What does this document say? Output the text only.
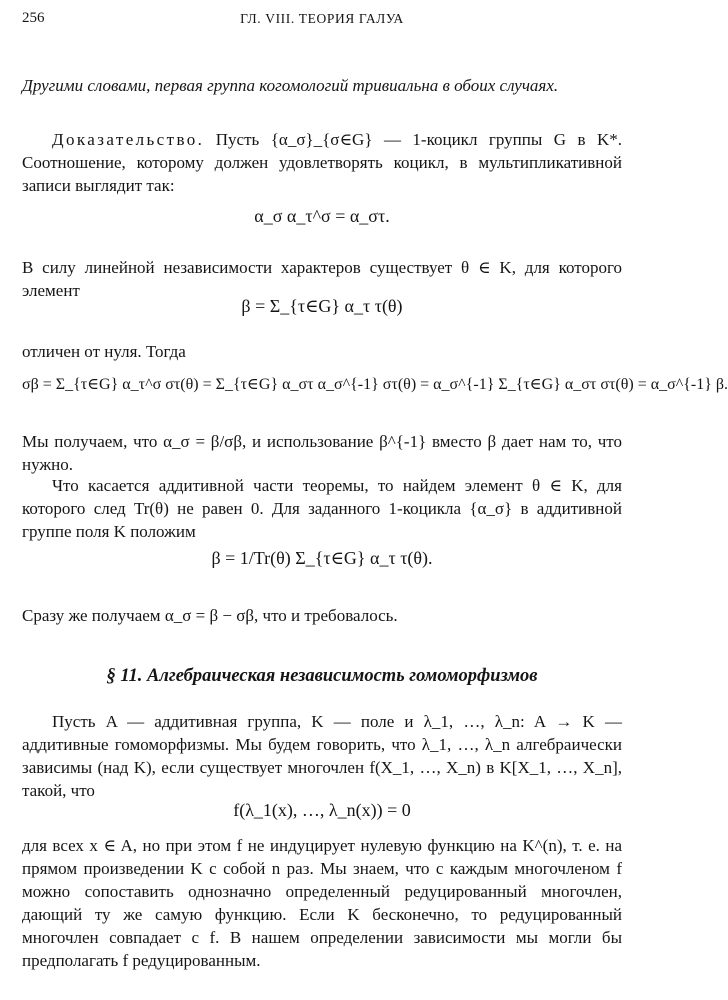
256	ГЛ. VIII. ТЕОРИЯ ГАЛУА

Другими словами, первая группа когомологий тривиальна в обоих случаях.

Доказательство. Пусть {α_σ}_{σ∈G} — 1-коцикл группы G в K*. Соотношение, которому должен удовлетворять коцикл, в мультипликативной записи выглядит так:

α_σ α_τ^σ = α_στ.

В силу линейной независимости характеров существует θ ∈ K, для которого элемент

β = Σ_{τ∈G} α_τ τ(θ)

отличен от нуля. Тогда

σβ = Σ_{τ∈G} α_τ^σ στ(θ) = Σ_{τ∈G} α_στ α_σ^{-1} στ(θ) = α_σ^{-1} Σ_{τ∈G} α_στ στ(θ) = α_σ^{-1} β.

Мы получаем, что α_σ = β/σβ, и использование β^{-1} вместо β дает нам то, что нужно.

Что касается аддитивной части теоремы, то найдем элемент θ ∈ K, для которого след Tr(θ) не равен 0. Для заданного 1-коцикла {α_σ} в аддитивной группе поля K положим

β = 1/Tr(θ) Σ_{τ∈G} α_τ τ(θ).

Сразу же получаем α_σ = β − σβ, что и требовалось.

§ 11. Алгебраическая независимость гомоморфизмов

Пусть A — аддитивная группа, K — поле и λ_1, …, λ_n: A → K — аддитивные гомоморфизмы. Мы будем говорить, что λ_1, …, λ_n алгебраически зависимы (над K), если существует многочлен f(X_1, …, X_n) в K[X_1, …, X_n], такой, что

f(λ_1(x), …, λ_n(x)) = 0

для всех x ∈ A, но при этом f не индуцирует нулевую функцию на K^(n), т. е. на прямом произведении K с собой n раз. Мы знаем, что с каждым многочленом f можно сопоставить однозначно определенный редуцированный многочлен, дающий ту же самую функцию. Если K бесконечно, то редуцированный многочлен совпадает с f. В нашем определении зависимости мы могли бы предполагать f редуцированным.
